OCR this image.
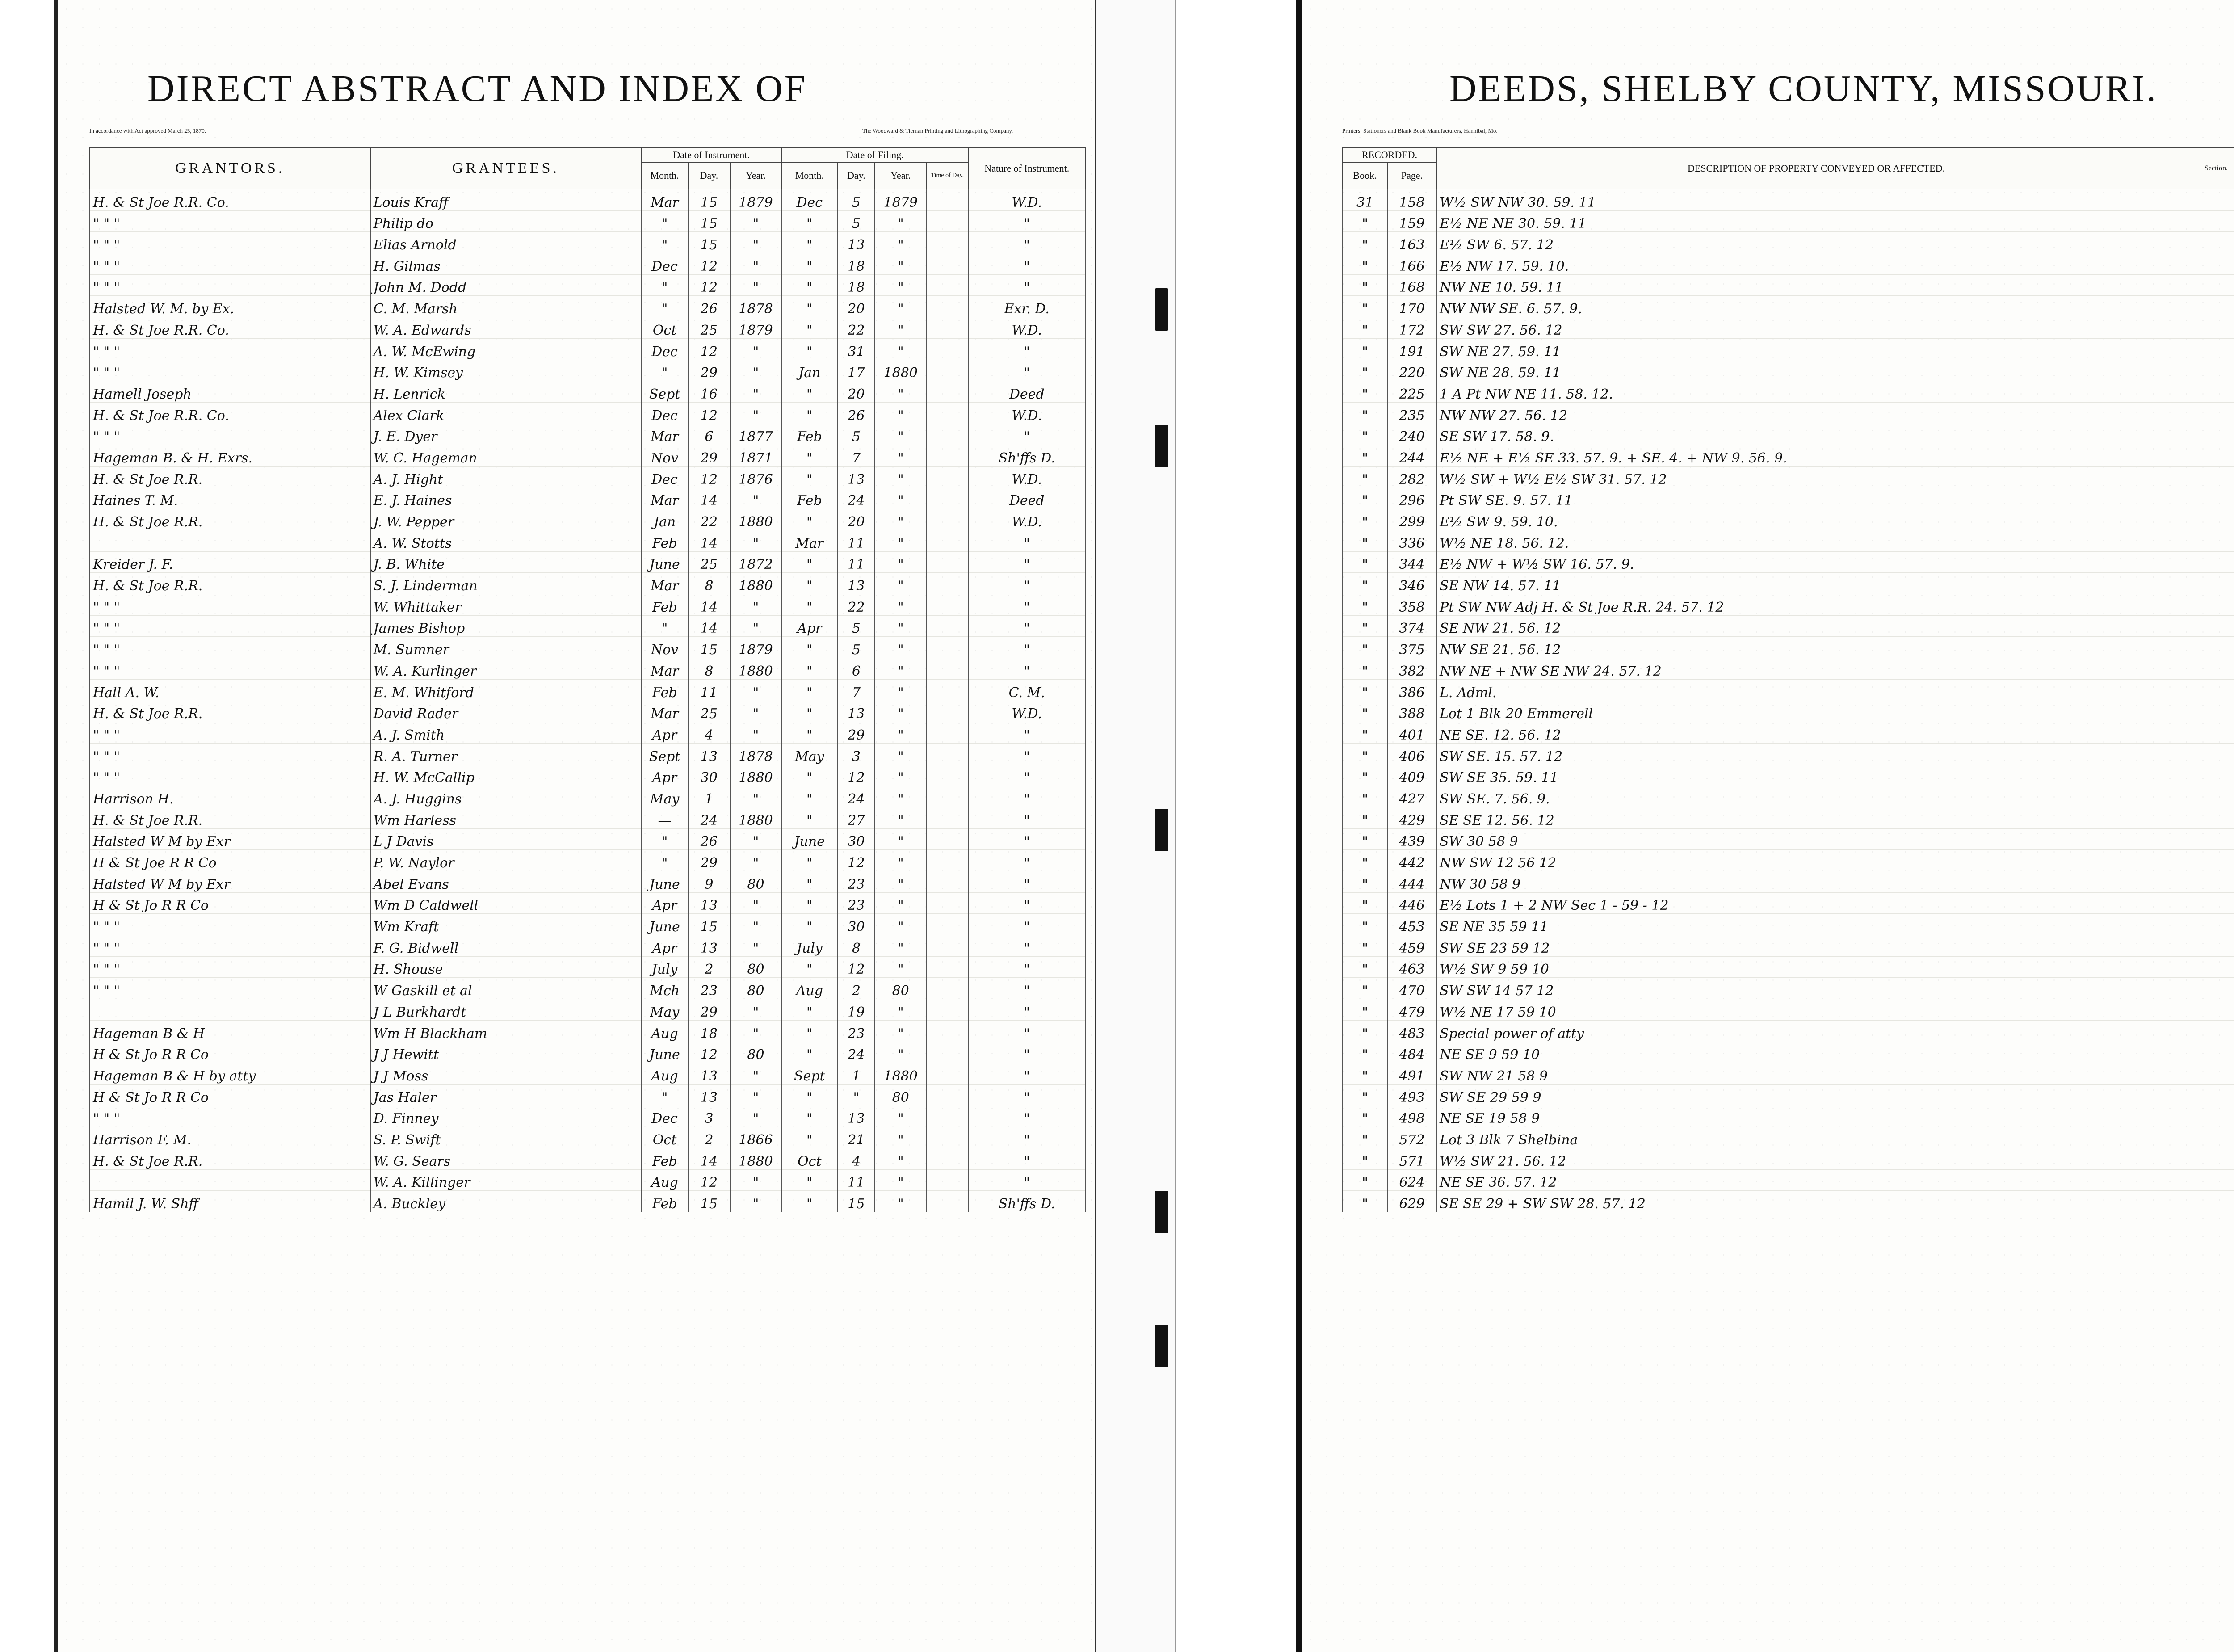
DIRECT ABSTRACT AND INDEX OF
In accordance with Act approved March 25, 1870.	The Woodward & Tiernan Printing and Lithographing Company.
GRANTORS.	GRANTEES.	Date of Instrument.			Date of Filing.				Nature of Instrument.
		Month.	Day.	Year.	Month.	Day.	Year.	Time of Day.	
H. & St Joe R.R. Co.	Louis Kraff	Mar	15	1879	Dec	5	1879		W.D.
" " "	Philip do	"	15	"	"	5	"		"
" " "	Elias Arnold	"	15	"	"	13	"		"
" " "	H. Gilmas	Dec	12	"	"	18	"		"
" " "	John M. Dodd	"	12	"	"	18	"		"
Halsted W. M. by Ex.	C. M. Marsh	"	26	1878	"	20	"		Exr. D.
H. & St Joe R.R. Co.	W. A. Edwards	Oct	25	1879	"	22	"		W.D.
" " "	A. W. McEwing	Dec	12	"	"	31	"		"
" " "	H. W. Kimsey	"	29	"	Jan	17	1880		"
Hamell Joseph	H. Lenrick	Sept	16	"	"	20	"		Deed
H. & St Joe R.R. Co.	Alex Clark	Dec	12	"	"	26	"		W.D.
" " "	J. E. Dyer	Mar	6	1877	Feb	5	"		"
Hageman B. & H. Exrs.	W. C. Hageman	Nov	29	1871	"	7	"		Sh'ffs D.
H. & St Joe R.R.	A. J. Hight	Dec	12	1876	"	13	"		W.D.
Haines T. M.	E. J. Haines	Mar	14	"	Feb	24	"		Deed
H. & St Joe R.R.	J. W. Pepper	Jan	22	1880	"	20	"		W.D.
	A. W. Stotts	Feb	14	"	Mar	11	"		"
Kreider J. F.	J. B. White	June	25	1872	"	11	"		"
H. & St Joe R.R.	S. J. Linderman	Mar	8	1880	"	13	"		"
" " "	W. Whittaker	Feb	14	"	"	22	"		"
" " "	James Bishop	"	14	"	Apr	5	"		"
" " "	M. Sumner	Nov	15	1879	"	5	"		"
" " "	W. A. Kurlinger	Mar	8	1880	"	6	"		"
Hall A. W.	E. M. Whitford	Feb	11	"	"	7	"		C. M.
H. & St Joe R.R.	David Rader	Mar	25	"	"	13	"		W.D.
" " "	A. J. Smith	Apr	4	"	"	29	"		"
" " "	R. A. Turner	Sept	13	1878	May	3	"		"
" " "	H. W. McCallip	Apr	30	1880	"	12	"		"
Harrison H.	A. J. Huggins	May	1	"	"	24	"		"
H. & St Joe R.R.	Wm Harless	—	24	1880	"	27	"		"
Halsted W M by Exr	L J Davis	"	26	"	June	30	"		"
H & St Joe R R Co	P. W. Naylor	"	29	"	"	12	"		"
Halsted W M by Exr	Abel Evans	June	9	80	"	23	"		"
H & St Jo R R Co	Wm D Caldwell	Apr	13	"	"	23	"		"
" " "	Wm Kraft	June	15	"	"	30	"		"
" " "	F. G. Bidwell	Apr	13	"	July	8	"		"
" " "	H. Shouse	July	2	80	"	12	"		"
" " "	W Gaskill et al	Mch	23	80	Aug	2	80		"
	J L Burkhardt	May	29	"	"	19	"		"
Hageman B & H	Wm H Blackham	Aug	18	"	"	23	"		"
H & St Jo R R Co	J J Hewitt	June	12	80	"	24	"		"
Hageman B & H by atty	J J Moss	Aug	13	"	Sept	1	1880		"
H & St Jo R R Co	Jas Haler	"	13	"	"	"	80		"
" " "	D. Finney	Dec	3	"	"	13	"		"
Harrison F. M.	S. P. Swift	Oct	2	1866	"	21	"		"
H. & St Joe R.R.	W. G. Sears	Feb	14	1880	Oct	4	"		"
	W. A. Killinger	Aug	12	"	"	11	"		"
Hamil J. W. Shff	A. Buckley	Feb	15	"	"	15	"		Sh'ffs D.
DEEDS, SHELBY COUNTY, MISSOURI.
Printers, Stationers and Blank Book Manufacturers, Hannibal, Mo.
RECORDED.		DESCRIPTION OF PROPERTY CONVEYED OR AFFECTED.	Section.		
Book.	Page.				
31	158	W½ SW NW 30. 59. 11			
"	159	E½ NE NE 30. 59. 11			
"	163	E½ SW 6. 57. 12			
"	166	E½ NW 17. 59. 10.			
"	168	NW NE 10. 59. 11			
"	170	NW NW SE. 6. 57. 9.			
"	172	SW SW 27. 56. 12			
"	191	SW NE 27. 59. 11			
"	220	SW NE 28. 59. 11			
"	225	1 A Pt NW NE 11. 58. 12.			
"	235	NW NW 27. 56. 12			
"	240	SE SW 17. 58. 9.			
"	244	E½ NE + E½ SE 33. 57. 9. + SE. 4. + NW 9. 56. 9.			
"	282	W½ SW + W½ E½ SW 31. 57. 12			
"	296	Pt SW SE. 9. 57. 11			
"	299	E½ SW 9. 59. 10.			
"	336	W½ NE 18. 56. 12.			
"	344	E½ NW + W½ SW 16. 57. 9.			
"	346	SE NW 14. 57. 11			
"	358	Pt SW NW Adj H. & St Joe R.R. 24. 57. 12			
"	374	SE NW 21. 56. 12			
"	375	NW SE 21. 56. 12			
"	382	NW NE + NW SE NW 24. 57. 12			
"	386	L. Adml.			
"	388	Lot 1 Blk 20 Emmerell			
"	401	NE SE. 12. 56. 12			
"	406	SW SE. 15. 57. 12			
"	409	SW SE 35. 59. 11			
"	427	SW SE. 7. 56. 9.			
"	429	SE SE 12. 56. 12			
"	439	SW 30 58 9			
"	442	NW SW 12 56 12			
"	444	NW 30 58 9			
"	446	E½ Lots 1 + 2 NW Sec 1 - 59 - 12			
"	453	SE NE 35 59 11			
"	459	SW SE 23 59 12			
"	463	W½ SW 9 59 10			
"	470	SW SW 14 57 12			
"	479	W½ NE 17 59 10			
"	483	Special power of atty			
"	484	NE SE 9 59 10			
"	491	SW NW 21 58 9			
"	493	SW SE 29 59 9			
"	498	NE SE 19 58 9			
"	572	Lot 3 Blk 7 Shelbina			
"	571	W½ SW 21. 56. 12			
"	624	NE SE 36. 57. 12			
"	629	SE SE 29 + SW SW 28. 57. 12			
